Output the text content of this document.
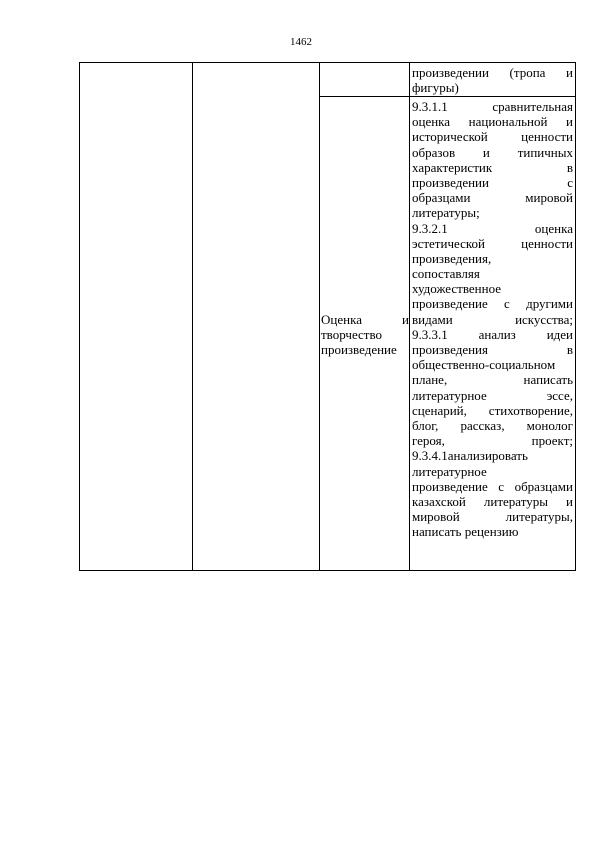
1462
произведении (тропа и
фигуры)
Оценка и
творчество
произведение
9.3.1.1 сравнительная
оценка национальной и
исторической ценности
образов и типичных
характеристик в
произведении с
образцами мировой
литературы;
9.3.2.1 оценка
эстетической ценности
произведения,
сопоставляя
художественное
произведение с другими
видами искусства;
9.3.3.1 анализ идеи
произведения в
общественно-социальном
плане, написать
литературное эссе,
сценарий, стихотворение,
блог, рассказ, монолог
героя, проект;
9.3.4.1анализировать
литературное
произведение с образцами
казахской литературы и
мировой литературы,
написать рецензию
